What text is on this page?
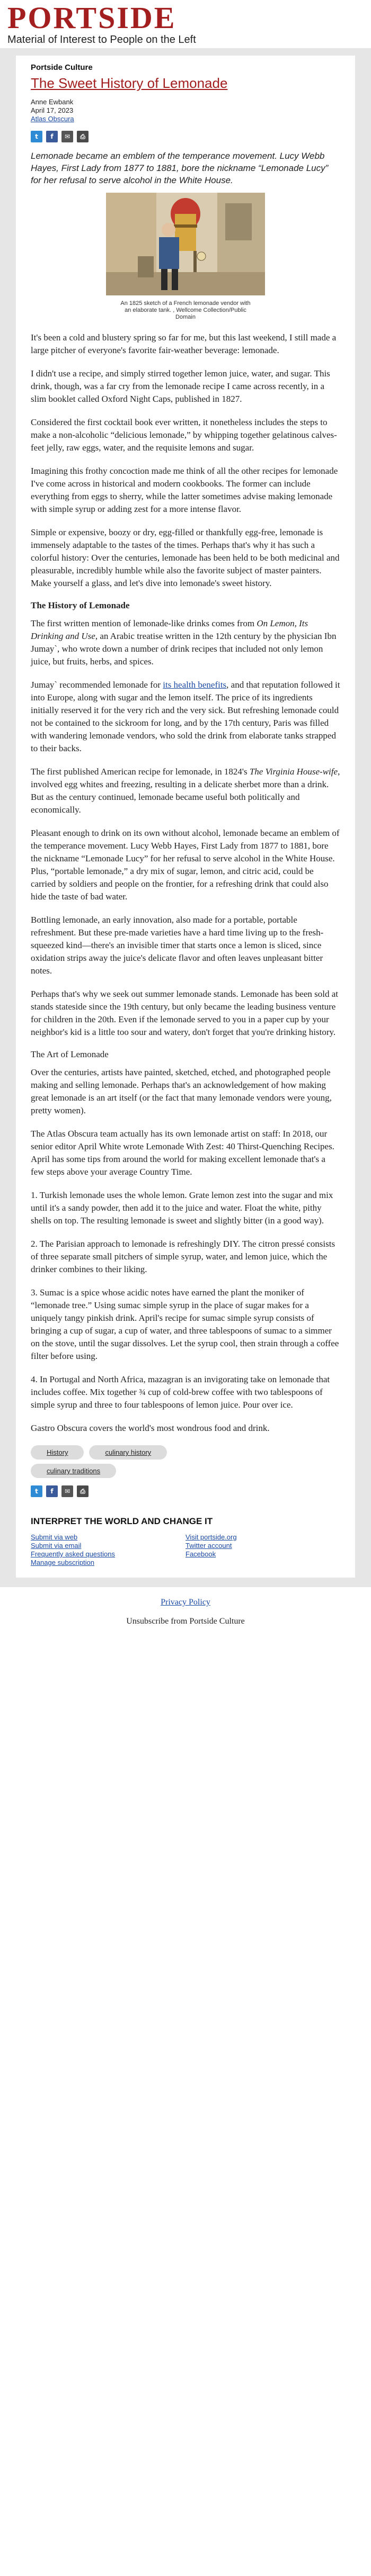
PORTSIDE
Material of Interest to People on the Left
Portside Culture
The Sweet History of Lemonade
Anne Ewbank
April 17, 2023
Atlas Obscura
t	f	✉	⎙

Lemonade became an emblem of the temperance movement. Lucy Webb Hayes, First Lady from 1877 to 1881, bore the nickname “Lemonade Lucy” for her refusal to serve alcohol in the White House.

An 1825 sketch of a French lemonade vendor with an elaborate tank. , Wellcome Collection/Public Domain

It's been a cold and blustery spring so far for me, but this last weekend, I still made a large pitcher of everyone's favorite fair-weather beverage: lemonade.

I didn't use a recipe, and simply stirred together lemon juice, water, and sugar. This drink, though, was a far cry from the lemonade recipe I came across recently, in a slim booklet called Oxford Night Caps, published in 1827.

Considered the first cocktail book ever written, it nonetheless includes the steps to make a non-alcoholic “delicious lemonade,” by whipping together gelatinous calves-feet jelly, raw eggs, water, and the requisite lemons and sugar.

Imagining this frothy concoction made me think of all the other recipes for lemonade I've come across in historical and modern cookbooks. The former can include everything from eggs to sherry, while the latter sometimes advise making lemonade with simple syrup or adding zest for a more intense flavor.

Simple or expensive, boozy or dry, egg-filled or thankfully egg-free, lemonade is immensely adaptable to the tastes of the times. Perhaps that's why it has such a colorful history: Over the centuries, lemonade has been held to be both medicinal and pleasurable, incredibly humble while also the favorite subject of master painters. Make yourself a glass, and let's dive into lemonade's sweet history.

The History of Lemonade

The first written mention of lemonade-like drinks comes from On Lemon, Its Drinking and Use, an Arabic treatise written in the 12th century by the physician Ibn Jumay`, who wrote down a number of drink recipes that included not only lemon juice, but fruits, herbs, and spices.

Jumay` recommended lemonade for its health benefits, and that reputation followed it into Europe, along with sugar and the lemon itself. The price of its ingredients initially reserved it for the very rich and the very sick. But refreshing lemonade could not be contained to the sickroom for long, and by the 17th century, Paris was filled with wandering lemonade vendors, who sold the drink from elaborate tanks strapped to their backs.

The first published American recipe for lemonade, in 1824's The Virginia House-wife, involved egg whites and freezing, resulting in a delicate sherbet more than a drink. But as the century continued, lemonade became useful both politically and economically.

Pleasant enough to drink on its own without alcohol, lemonade became an emblem of the temperance movement. Lucy Webb Hayes, First Lady from 1877 to 1881, bore the nickname “Lemonade Lucy” for her refusal to serve alcohol in the White House. Plus, “portable lemonade,” a dry mix of sugar, lemon, and citric acid, could be carried by soldiers and people on the frontier, for a refreshing drink that could also hide the taste of bad water.

Bottling lemonade, an early innovation, also made for a portable, portable refreshment. But these pre-made varieties have a hard time living up to the fresh-squeezed kind—there's an invisible timer that starts once a lemon is sliced, since oxidation strips away the juice's delicate flavor and often leaves unpleasant bitter notes.

Perhaps that's why we seek out summer lemonade stands. Lemonade has been sold at stands stateside since the 19th century, but only became the leading business venture for children in the 20th. Even if the lemonade served to you in a paper cup by your neighbor's kid is a little too sour and watery, don't forget that you're drinking history.

The Art of Lemonade

Over the centuries, artists have painted, sketched, etched, and photographed people making and selling lemonade. Perhaps that's an acknowledgement of how making great lemonade is an art itself (or the fact that many lemonade vendors were young, pretty women).

The Atlas Obscura team actually has its own lemonade artist on staff: In 2018, our senior editor April White wrote Lemonade With Zest: 40 Thirst-Quenching Recipes. April has some tips from around the world for making excellent lemonade that's a few steps above your average Country Time.

1. Turkish lemonade uses the whole lemon. Grate lemon zest into the sugar and mix until it's a sandy powder, then add it to the juice and water. Float the white, pithy shells on top. The resulting lemonade is sweet and slightly bitter (in a good way).

2. The Parisian approach to lemonade is refreshingly DIY. The citron pressé consists of three separate small pitchers of simple syrup, water, and lemon juice, which the drinker combines to their liking.

3. Sumac is a spice whose acidic notes have earned the plant the moniker of “lemonade tree.” Using sumac simple syrup in the place of sugar makes for a uniquely tangy pinkish drink. April's recipe for sumac simple syrup consists of bringing a cup of sugar, a cup of water, and three tablespoons of sumac to a simmer on the stove, until the sugar dissolves. Let the syrup cool, then strain through a coffee filter before using.

4. In Portugal and North Africa, mazagran is an invigorating take on lemonade that includes coffee. Mix together ¾ cup of cold-brew coffee with two tablespoons of simple syrup and three to four tablespoons of lemon juice. Pour over ice.

Gastro Obscura covers the world's most wondrous food and drink.

History	culinary history
culinary traditions
t	f	✉	⎙
INTERPRET THE WORLD AND CHANGE IT
Submit via web
Submit via email
Frequently asked questions
Manage subscription
Visit portside.org
Twitter account
Facebook
Privacy Policy
Unsubscribe from Portside Culture
